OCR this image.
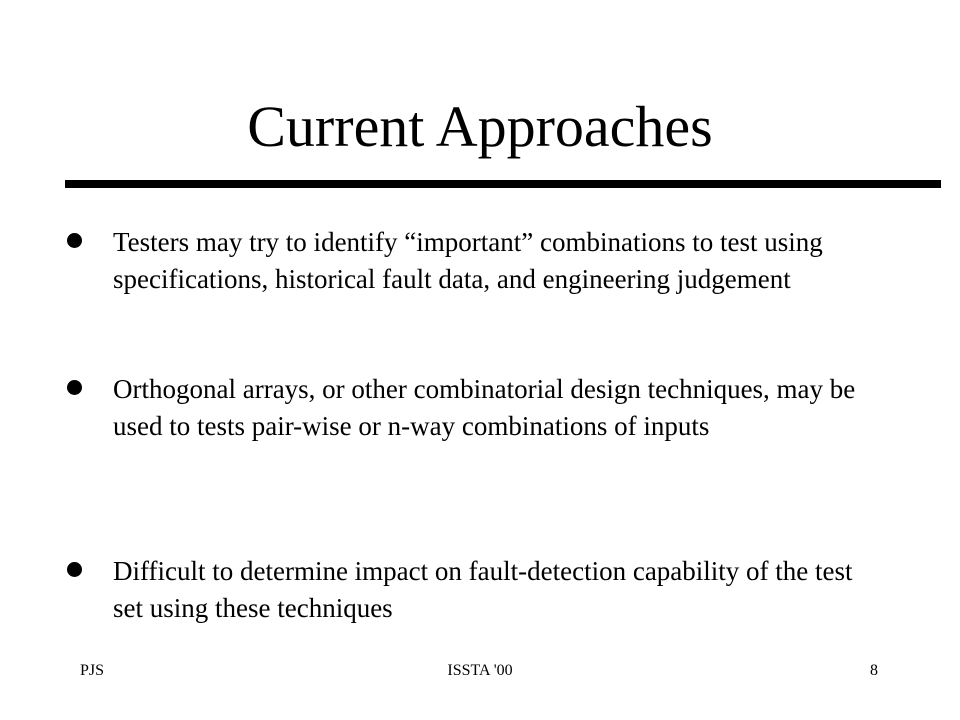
Current Approaches
Testers may try to identify “important” combinations to test using specifications, historical fault data, and engineering judgement
Orthogonal arrays, or other combinatorial design techniques, may be used to tests pair-wise or n-way combinations of inputs
Difficult to determine impact on fault-detection capability of the test set using these techniques
PJS	ISSTA '00	8
